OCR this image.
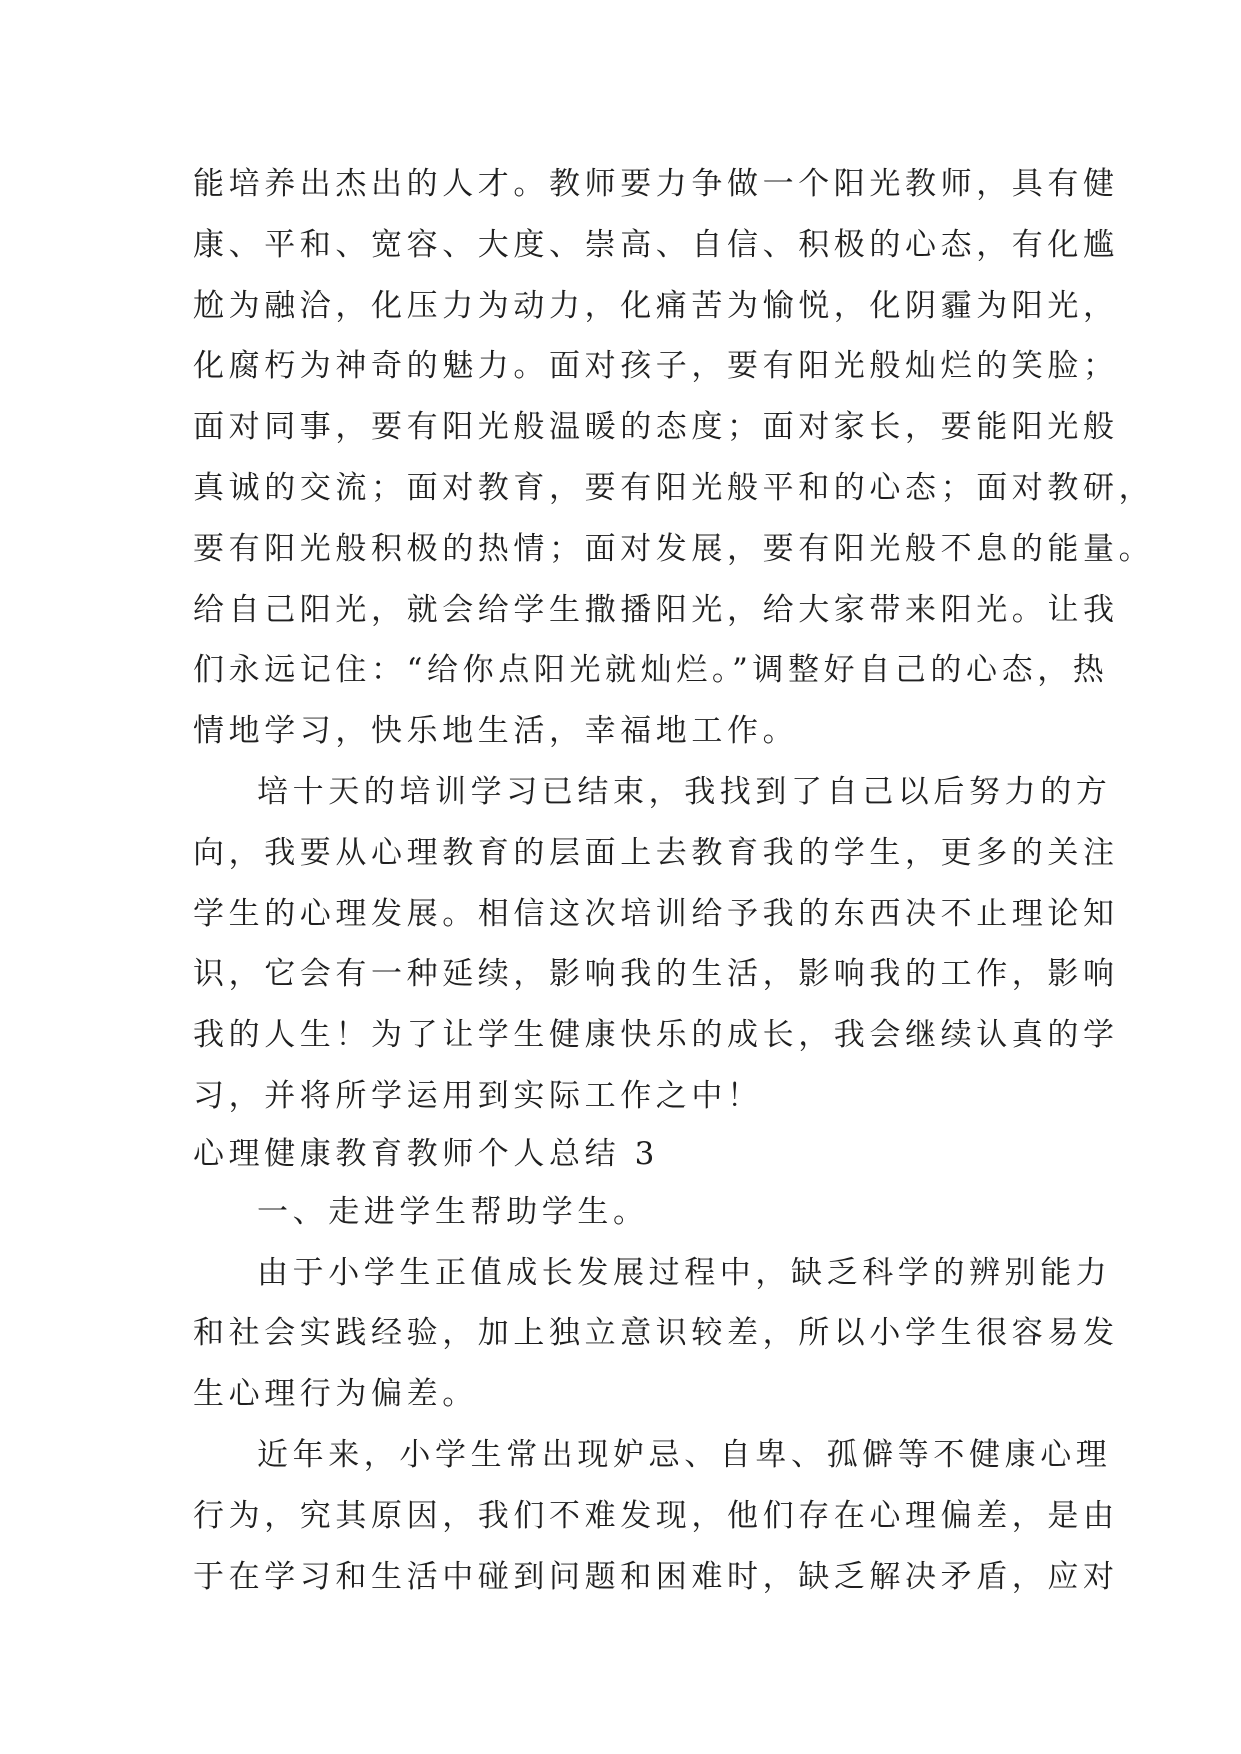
能培养出杰出的人才。教师要力争做一个阳光教师，具有健
康、平和、宽容、大度、崇高、自信、积极的心态，有化尴
尬为融洽，化压力为动力，化痛苦为愉悦，化阴霾为阳光，
化腐朽为神奇的魅力。面对孩子，要有阳光般灿烂的笑脸；
面对同事，要有阳光般温暖的态度；面对家长，要能阳光般
真诚的交流；面对教育，要有阳光般平和的心态；面对教研，
要有阳光般积极的热情；面对发展，要有阳光般不息的能量。
给自己阳光，就会给学生撒播阳光，给大家带来阳光。让我
们永远记住：“给你点阳光就灿烂。”调整好自己的心态，热
情地学习，快乐地生活，幸福地工作。
培十天的培训学习已结束，我找到了自己以后努力的方
向，我要从心理教育的层面上去教育我的学生，更多的关注
学生的心理发展。相信这次培训给予我的东西决不止理论知
识，它会有一种延续，影响我的生活，影响我的工作，影响
我的人生！为了让学生健康快乐的成长，我会继续认真的学
习，并将所学运用到实际工作之中！
心理健康教育教师个人总结 3
一、走进学生帮助学生。
由于小学生正值成长发展过程中，缺乏科学的辨别能力
和社会实践经验，加上独立意识较差，所以小学生很容易发
生心理行为偏差。
近年来，小学生常出现妒忌、自卑、孤僻等不健康心理
行为，究其原因，我们不难发现，他们存在心理偏差，是由
于在学习和生活中碰到问题和困难时，缺乏解决矛盾，应对
